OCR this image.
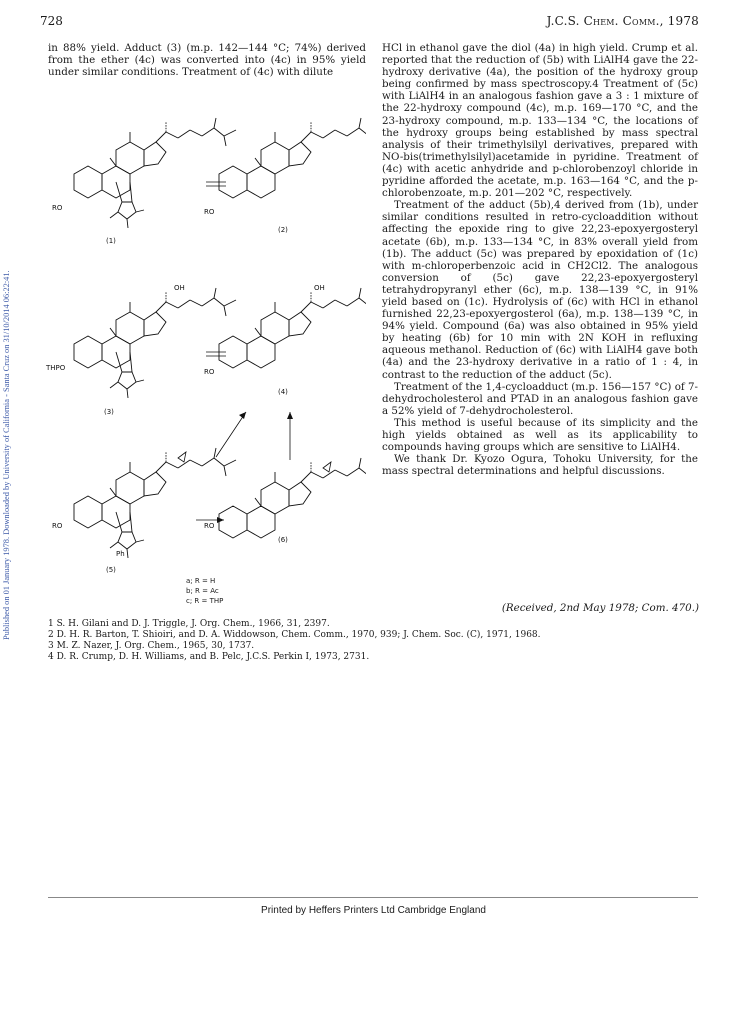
Published on 01 January 1978. Downloaded by University of California - Santa Cruz on 31/10/2014 06:22:41.
728	J.C.S. Chem. Comm., 1978

in 88% yield. Adduct (3) (m.p. 142—144 °C; 74%) derived from the ether (4c) was converted into (4c) in 95% yield under similar conditions. Treatment of (4c) with dilute

RO
(1)
RO
(2)
OH	OH
THPO	RO
(3)
(4)
RO	RO
(6)
Ph
(5)
a; R = H
b; R = Ac
c; R = THP

HCl in ethanol gave the diol (4a) in high yield. Crump et al. reported that the reduction of (5b) with LiAlH4 gave the 22-hydroxy derivative (4a), the position of the hydroxy group being confirmed by mass spectroscopy.4 Treatment of (5c) with LiAlH4 in an analogous fashion gave a 3 : 1 mixture of the 22-hydroxy compound (4c), m.p. 169—170 °C, and the 23-hydroxy compound, m.p. 133—134 °C, the locations of the hydroxy groups being established by mass spectral analysis of their trimethylsilyl derivatives, prepared with NO-bis(trimethylsilyl)acetamide in pyridine. Treatment of (4c) with acetic anhydride and p-chlorobenzoyl chloride in pyridine afforded the acetate, m.p. 163—164 °C, and the p-chlorobenzoate, m.p. 201—202 °C, respectively.

Treatment of the adduct (5b),4 derived from (1b), under similar conditions resulted in retro-cycloaddition without affecting the epoxide ring to give 22,23-epoxyergosteryl acetate (6b), m.p. 133—134 °C, in 83% overall yield from (1b). The adduct (5c) was prepared by epoxidation of (1c) with m-chloroperbenzoic acid in CH2Cl2. The analogous conversion of (5c) gave 22,23-epoxyergosteryl tetrahydropyranyl ether (6c), m.p. 138—139 °C, in 91% yield based on (1c). Hydrolysis of (6c) with HCl in ethanol furnished 22,23-epoxyergosterol (6a), m.p. 138—139 °C, in 94% yield. Compound (6a) was also obtained in 95% yield by heating (6b) for 10 min with 2N KOH in refluxing aqueous methanol. Reduction of (6c) with LiAlH4 gave both (4a) and the 23-hydroxy derivative in a ratio of 1 : 4, in contrast to the reduction of the adduct (5c).

Treatment of the 1,4-cycloadduct (m.p. 156—157 °C) of 7-dehydrocholesterol and PTAD in an analogous fashion gave a 52% yield of 7-dehydrocholesterol.

This method is useful because of its simplicity and the high yields obtained as well as its applicability to compounds having groups which are sensitive to LiAlH4.

We thank Dr. Kyozo Ogura, Tohoku University, for the mass spectral determinations and helpful discussions.

(Received, 2nd May 1978; Com. 470.)
1 S. H. Gilani and D. J. Triggle, J. Org. Chem., 1966, 31, 2397.
2 D. H. R. Barton, T. Shioiri, and D. A. Widdowson, Chem. Comm., 1970, 939; J. Chem. Soc. (C), 1971, 1968.
3 M. Z. Nazer, J. Org. Chem., 1965, 30, 1737.
4 D. R. Crump, D. H. Williams, and B. Pelc, J.C.S. Perkin I, 1973, 2731.
Printed by Heffers Printers Ltd Cambridge England
